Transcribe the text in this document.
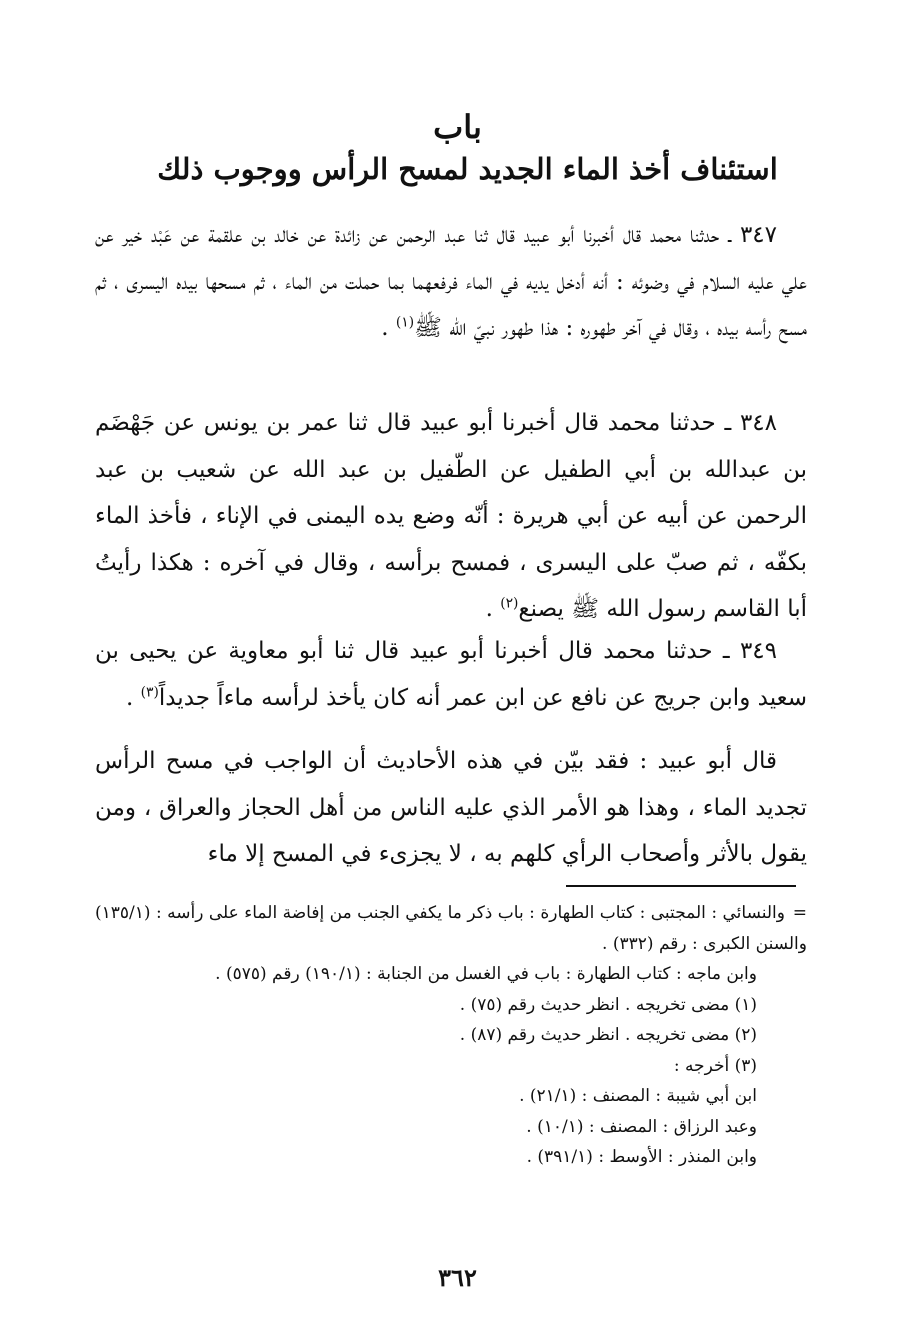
باب
استئناف أخذ الماء الجديد لمسح الرأس ووجوب ذلك

٣٤٧ ـ حدثنا محمد قال أخبرنا أبو عبيد قال ثنا عبد الرحمن عن زائدة عن خالد بن علقمة عن عَبْد خير عن علي عليه السلام في وضوئه : أنه أدخل يديه في الماء فرفعهما بما حملت من الماء ، ثم مسحها بيده اليسرى ، ثم مسح رأسه بيده ، وقال في آخر طهوره : هذا طهور نبيّ الله ﷺ$^{(١)}$ .

٣٤٨ ـ حدثنا محمد قال أخبرنا أبو عبيد قال ثنا عمر بن يونس عن جَهْضَم بن عبدالله بن أبي الطفيل عن الطّفيل بن عبد الله عن شعيب بن عبد الرحمن عن أبيه عن أبي هريرة : أنّه وضع يده اليمنى في الإناء ، فأخذ الماء بكفّه ، ثم صبّ على اليسرى ، فمسح برأسه ، وقال في آخره : هكذا رأيتُ أبا القاسم رسول الله ﷺ يصنع$^{(٢)}$ .

٣٤٩ ـ حدثنا محمد قال أخبرنا أبو عبيد قال ثنا أبو معاوية عن يحيى بن سعيد وابن جريج عن نافع عن ابن عمر أنه كان يأخذ لرأسه ماءاً جديداً$^{(٣)}$ .

قال أبو عبيد : فقد بيّن في هذه الأحاديث أن الواجب في مسح الرأس تجديد الماء ، وهذا هو الأمر الذي عليه الناس من أهل الحجاز والعراق ، ومن يقول بالأثر وأصحاب الرأي كلهم به ، لا يجزىء في المسح إلا ماء

=والنسائي : المجتبى : كتاب الطهارة : باب ذكر ما يكفي الجنب من إفاضة الماء على رأسه : (١٣٥/١) والسنن الكبرى : رقم (٣٣٢) .

وابن ماجه : كتاب الطهارة : باب في الغسل من الجنابة : (١٩٠/١) رقم (٥٧٥) .

(١) مضى تخريجه . انظر حديث رقم (٧٥) .

(٢) مضى تخريجه . انظر حديث رقم (٨٧) .

(٣) أخرجه :

ابن أبي شيبة : المصنف : (٢١/١) .

وعبد الرزاق : المصنف : (١٠/١) .

وابن المنذر : الأوسط : (٣٩١/١) .

٣٦٢
